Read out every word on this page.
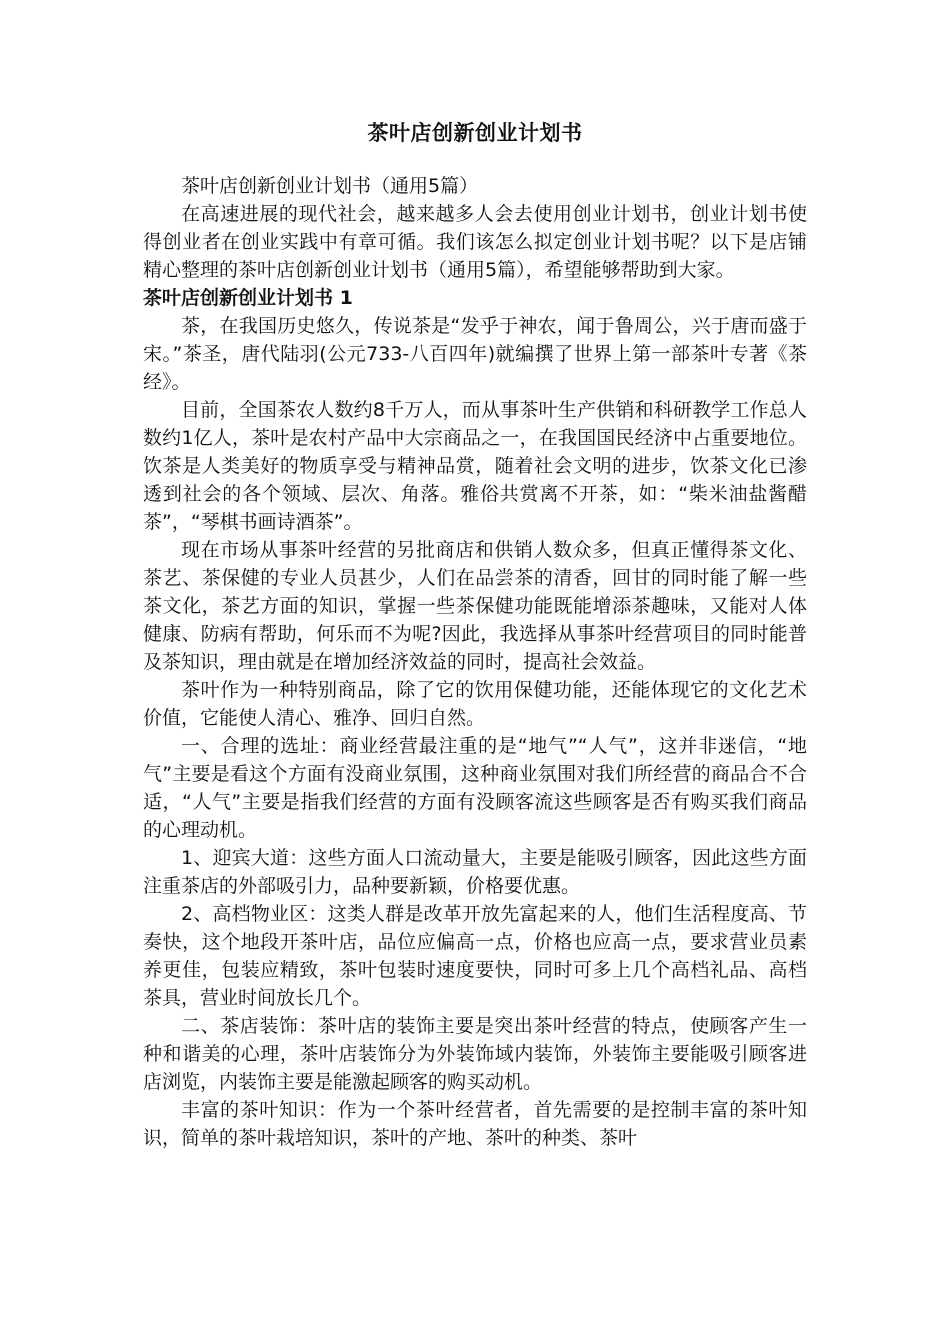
茶叶店创新创业计划书

茶叶店创新创业计划书（通用5篇）

在高速进展的现代社会，越来越多人会去使用创业计划书，创业计划书使得创业者在创业实践中有章可循。我们该怎么拟定创业计划书呢？以下是店铺精心整理的茶叶店创新创业计划书（通用5篇），希望能够帮助到大家。

茶叶店创新创业计划书 1

茶，在我国历史悠久，传说茶是“发乎于神农，闻于鲁周公，兴于唐而盛于宋。”茶圣，唐代陆羽(公元733-八百四年)就编撰了世界上第一部茶叶专著《茶经》。

目前，全国茶农人数约8千万人，而从事茶叶生产供销和科研教学工作总人数约1亿人，茶叶是农村产品中大宗商品之一，在我国国民经济中占重要地位。饮茶是人类美好的物质享受与精神品赏，随着社会文明的进步，饮茶文化已渗透到社会的各个领域、层次、角落。雅俗共赏离不开茶，如：“柴米油盐酱醋茶”，“琴棋书画诗酒茶”。

现在市场从事茶叶经营的另批商店和供销人数众多，但真正懂得茶文化、茶艺、茶保健的专业人员甚少，人们在品尝茶的清香，回甘的同时能了解一些茶文化，茶艺方面的知识，掌握一些茶保健功能既能增添茶趣味，又能对人体健康、防病有帮助，何乐而不为呢?因此，我选择从事茶叶经营项目的同时能普及茶知识，理由就是在增加经济效益的同时，提高社会效益。

茶叶作为一种特别商品，除了它的饮用保健功能，还能体现它的文化艺术价值，它能使人清心、雅净、回归自然。

一、合理的选址：商业经营最注重的是“地气”“人气”，这并非迷信，“地气”主要是看这个方面有没商业氛围，这种商业氛围对我们所经营的商品合不合适，“人气”主要是指我们经营的方面有没顾客流这些顾客是否有购买我们商品的心理动机。

1、迎宾大道：这些方面人口流动量大，主要是能吸引顾客，因此这些方面注重茶店的外部吸引力，品种要新颖，价格要优惠。

2、高档物业区：这类人群是改革开放先富起来的人，他们生活程度高、节奏快，这个地段开茶叶店，品位应偏高一点，价格也应高一点，要求营业员素养更佳，包装应精致，茶叶包装时速度要快，同时可多上几个高档礼品、高档茶具，营业时间放长几个。

二、茶店装饰：茶叶店的装饰主要是突出茶叶经营的特点，使顾客产生一种和谐美的心理，茶叶店装饰分为外装饰域内装饰，外装饰主要能吸引顾客进店浏览，内装饰主要是能激起顾客的购买动机。

丰富的茶叶知识：作为一个茶叶经营者，首先需要的是控制丰富的茶叶知识，简单的茶叶栽培知识，茶叶的产地、茶叶的种类、茶叶
